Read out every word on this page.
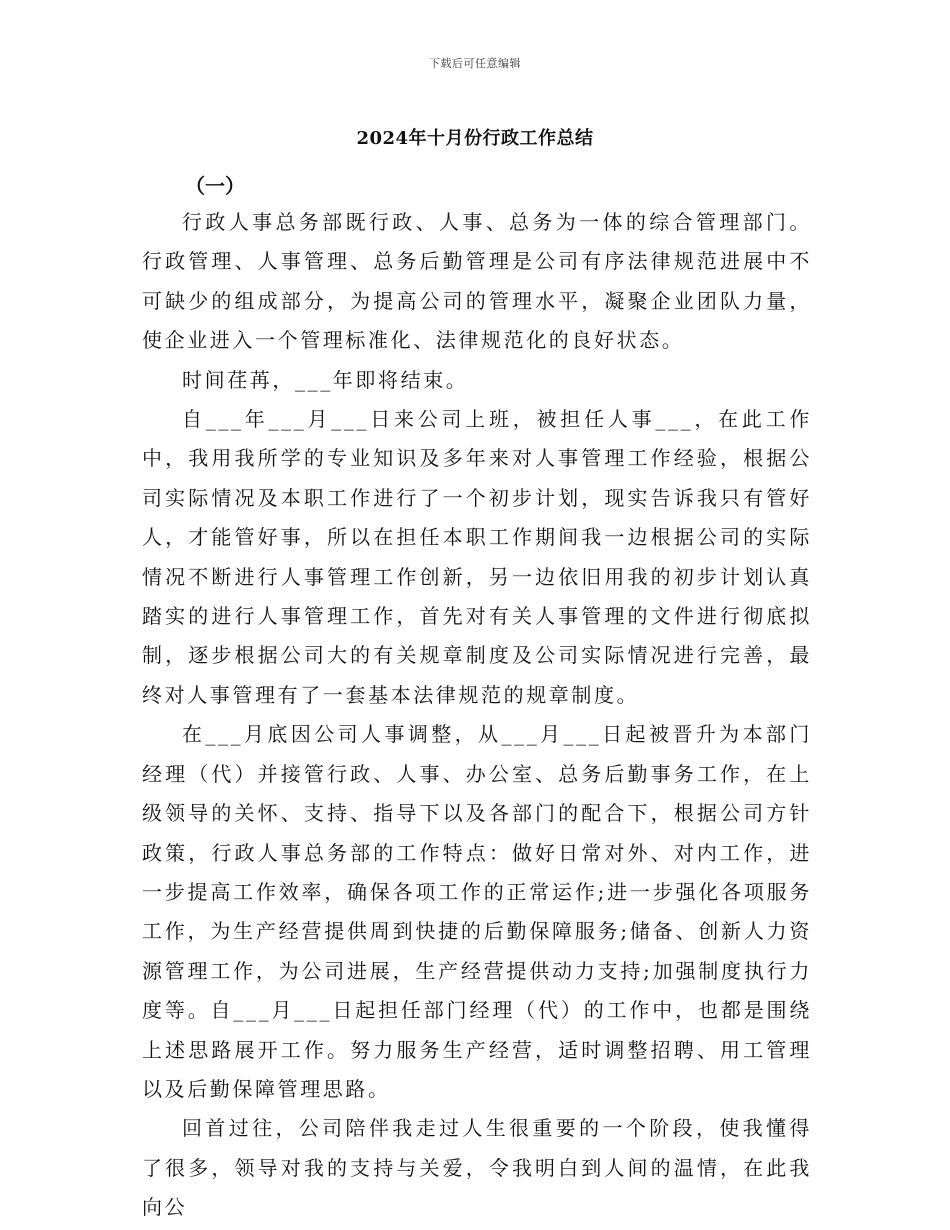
下载后可任意编辑
2024年十月份行政工作总结
（一）

行政人事总务部既行政、人事、总务为一体的综合管理部门。行政管理、人事管理、总务后勤管理是公司有序法律规范进展中不可缺少的组成部分，为提高公司的管理水平，凝聚企业团队力量，使企业进入一个管理标准化、法律规范化的良好状态。

时间荏苒，___年即将结束。

自___年___月___日来公司上班，被担任人事___，在此工作中，我用我所学的专业知识及多年来对人事管理工作经验，根据公司实际情况及本职工作进行了一个初步计划，现实告诉我只有管好人，才能管好事，所以在担任本职工作期间我一边根据公司的实际情况不断进行人事管理工作创新，另一边依旧用我的初步计划认真踏实的进行人事管理工作，首先对有关人事管理的文件进行彻底拟制，逐步根据公司大的有关规章制度及公司实际情况进行完善，最终对人事管理有了一套基本法律规范的规章制度。

在___月底因公司人事调整，从___月___日起被晋升为本部门经理（代）并接管行政、人事、办公室、总务后勤事务工作，在上级领导的关怀、支持、指导下以及各部门的配合下，根据公司方针政策，行政人事总务部的工作特点：做好日常对外、对内工作，进一步提高工作效率，确保各项工作的正常运作;进一步强化各项服务工作，为生产经营提供周到快捷的后勤保障服务;储备、创新人力资源管理工作，为公司进展，生产经营提供动力支持;加强制度执行力度等。自___月___日起担任部门经理（代）的工作中，也都是围绕上述思路展开工作。努力服务生产经营，适时调整招聘、用工管理以及后勤保障管理思路。

回首过往，公司陪伴我走过人生很重要的一个阶段，使我懂得了很多，领导对我的支持与关爱，令我明白到人间的温情，在此我向公
